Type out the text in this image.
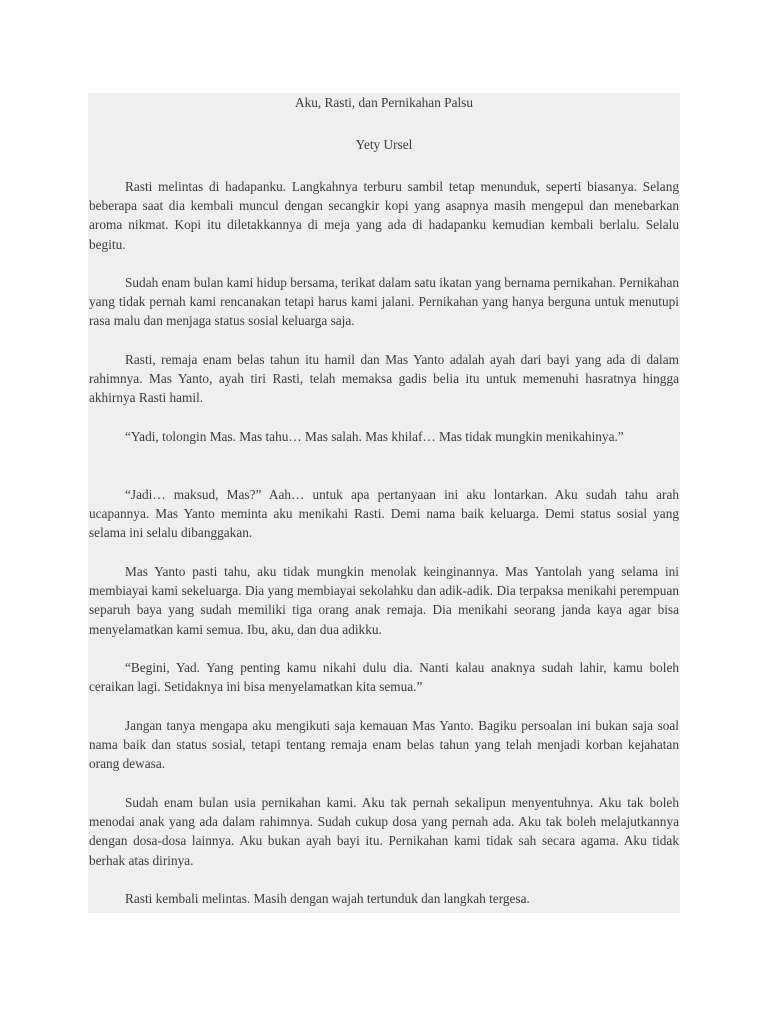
Aku, Rasti, dan Pernikahan Palsu

Yety Ursel

Rasti melintas di hadapanku. Langkahnya terburu sambil tetap menunduk, seperti biasanya. Selang beberapa saat dia kembali muncul dengan secangkir kopi yang asapnya masih mengepul dan menebarkan aroma nikmat. Kopi itu diletakkannya di meja yang ada di hadapanku kemudian kembali berlalu. Selalu begitu.

Sudah enam bulan kami hidup bersama, terikat dalam satu ikatan yang bernama pernikahan. Pernikahan yang tidak pernah kami rencanakan tetapi harus kami jalani. Pernikahan yang hanya berguna untuk menutupi rasa malu dan menjaga status sosial keluarga saja.

Rasti, remaja enam belas tahun itu hamil dan Mas Yanto adalah ayah dari bayi yang ada di dalam rahimnya. Mas Yanto, ayah tiri Rasti, telah memaksa gadis belia itu untuk memenuhi hasratnya hingga akhirnya Rasti hamil.

“Yadi, tolongin Mas. Mas tahu… Mas salah. Mas khilaf… Mas tidak mungkin menikahinya.”

“Jadi… maksud, Mas?” Aah… untuk apa pertanyaan ini aku lontarkan. Aku sudah tahu arah ucapannya. Mas Yanto meminta aku menikahi Rasti. Demi nama baik keluarga. Demi status sosial yang selama ini selalu dibanggakan.

Mas Yanto pasti tahu, aku tidak mungkin menolak keinginannya. Mas Yantolah yang selama ini membiayai kami sekeluarga. Dia yang membiayai sekolahku dan adik-adik. Dia terpaksa menikahi perempuan separuh baya yang sudah memiliki tiga orang anak remaja. Dia menikahi seorang janda kaya agar bisa menyelamatkan kami semua. Ibu, aku, dan dua adikku.

“Begini, Yad. Yang penting kamu nikahi dulu dia. Nanti kalau anaknya sudah lahir, kamu boleh ceraikan lagi. Setidaknya ini bisa menyelamatkan kita semua.”

Jangan tanya mengapa aku mengikuti saja kemauan Mas Yanto. Bagiku persoalan ini bukan saja soal nama baik dan status sosial, tetapi tentang remaja enam belas tahun yang telah menjadi korban kejahatan orang dewasa.

Sudah enam bulan usia pernikahan kami. Aku tak pernah sekalipun menyentuhnya. Aku tak boleh menodai anak yang ada dalam rahimnya. Sudah cukup dosa yang pernah ada. Aku tak boleh melajutkannya dengan dosa-dosa lainnya. Aku bukan ayah bayi itu. Pernikahan kami tidak sah secara agama. Aku tidak berhak atas dirinya.

Rasti kembali melintas. Masih dengan wajah tertunduk dan langkah tergesa.
